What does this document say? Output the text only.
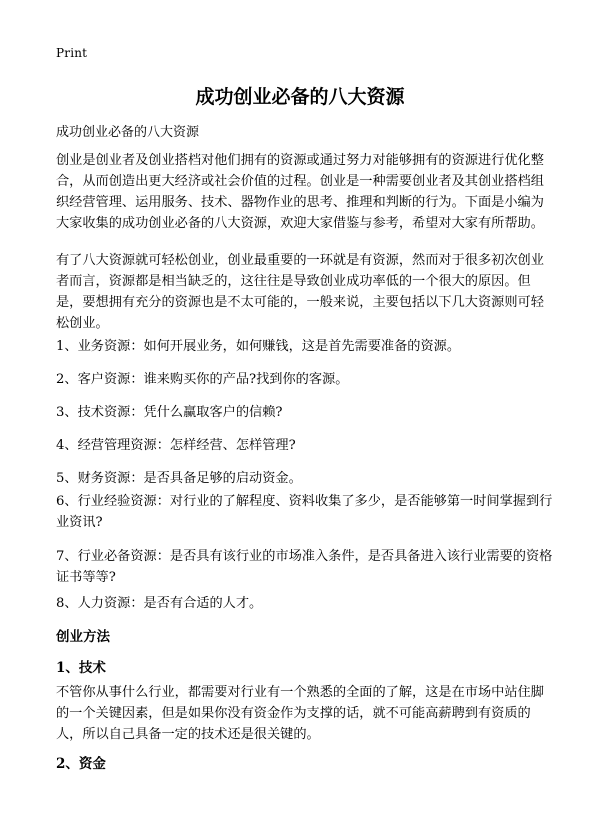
Print
成功创业必备的八大资源

成功创业必备的八大资源

创业是创业者及创业搭档对他们拥有的资源或通过努力对能够拥有的资源进行优化整合，从而创造出更大经济或社会价值的过程。创业是一种需要创业者及其创业搭档组织经营管理、运用服务、技术、器物作业的思考、推理和判断的行为。下面是小编为大家收集的成功创业必备的八大资源，欢迎大家借鉴与参考，希望对大家有所帮助。

有了八大资源就可轻松创业，创业最重要的一环就是有资源，然而对于很多初次创业者而言，资源都是相当缺乏的，这往往是导致创业成功率低的一个很大的原因。但是，要想拥有充分的资源也是不太可能的，一般来说，主要包括以下几大资源则可轻松创业。

1、业务资源：如何开展业务，如何赚钱，这是首先需要准备的资源。

2、客户资源：谁来购买你的产品?找到你的客源。

3、技术资源：凭什么赢取客户的信赖?

4、经营管理资源：怎样经营、怎样管理?

5、财务资源：是否具备足够的启动资金。

6、行业经验资源：对行业的了解程度、资料收集了多少，是否能够第一时间掌握到行业资讯?

7、行业必备资源：是否具有该行业的市场准入条件，是否具备进入该行业需要的资格证书等等?

8、人力资源：是否有合适的人才。

创业方法
1、技术

不管你从事什么行业，都需要对行业有一个熟悉的全面的了解，这是在市场中站住脚的一个关键因素，但是如果你没有资金作为支撑的话，就不可能高薪聘到有资质的人，所以自己具备一定的技术还是很关键的。

2、资金
